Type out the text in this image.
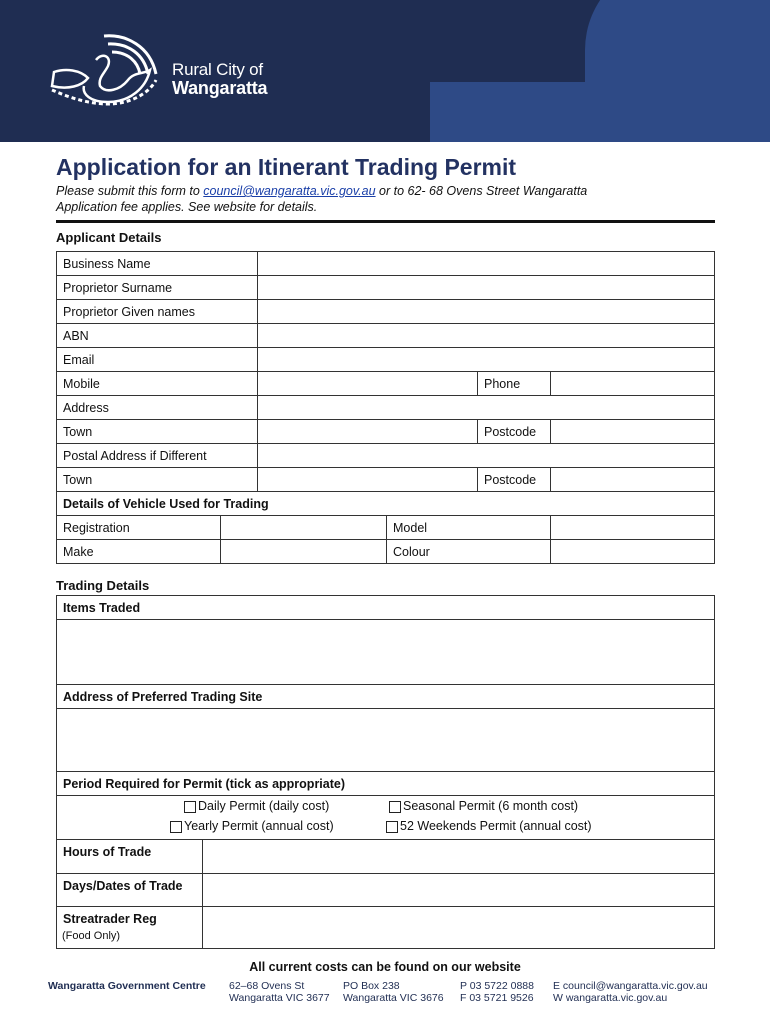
Rural City of
Wangaratta
Application for an Itinerant Trading Permit
Please submit this form to council@wangaratta.vic.gov.au or to 62- 68 Ovens Street Wangaratta
Application fee applies. See website for details.
Applicant Details
Business Name
Proprietor Surname
Proprietor Given names
ABN
Email
Mobile	Phone
Address
Town	Postcode
Postal Address if Different
Town	Postcode
Details of Vehicle Used for Trading
Registration	Model
Make	Colour
Trading Details
Items Traded
Address of Preferred Trading Site
Period Required for Permit (tick as appropriate)
Daily Permit (daily cost)	Seasonal Permit (6 month cost)
Yearly Permit (annual cost)	52 Weekends Permit (annual cost)
Hours of Trade
Days/Dates of Trade
Streatrader Reg
(Food Only)
All current costs can be found on our website
Wangaratta Government Centre 62–68 Ovens St
Wangaratta VIC 3677
PO Box 238
Wangaratta VIC 3676
P 03 5722 0888
F 03 5721 9526
E council@wangaratta.vic.gov.au
W wangaratta.vic.gov.au
